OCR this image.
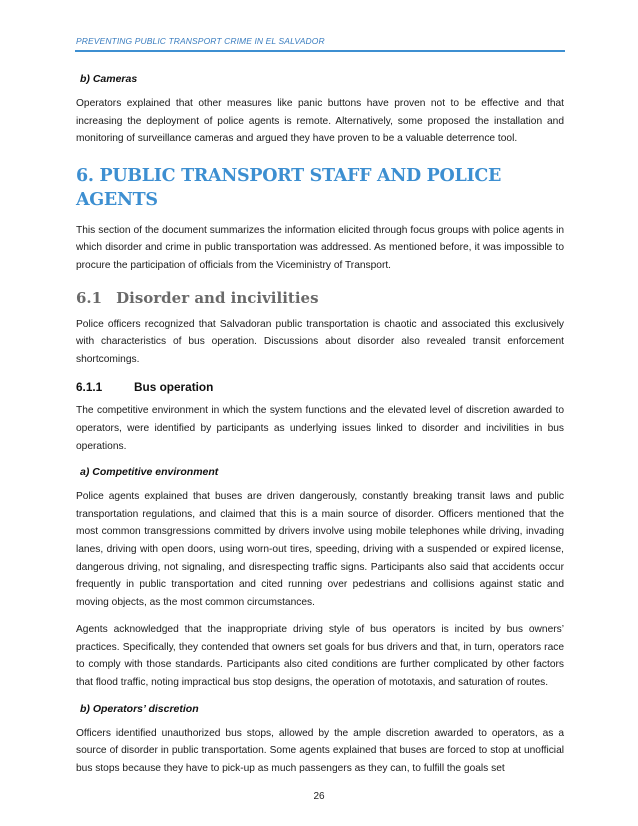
PREVENTING PUBLIC TRANSPORT CRIME IN EL SALVADOR
b) Cameras

Operators explained that other measures like panic buttons have proven not to be effective and that increasing the deployment of police agents is remote. Alternatively, some proposed the installation and monitoring of surveillance cameras and argued they have proven to be a valuable deterrence tool.

6. PUBLIC TRANSPORT STAFF AND POLICE AGENTS

This section of the document summarizes the information elicited through focus groups with police agents in which disorder and crime in public transportation was addressed. As mentioned before, it was impossible to procure the participation of officials from the Viceministry of Transport.

6.1 Disorder and incivilities

Police officers recognized that Salvadoran public transportation is chaotic and associated this exclusively with characteristics of bus operation. Discussions about disorder also revealed transit enforcement shortcomings.

6.1.1	Bus operation

The competitive environment in which the system functions and the elevated level of discretion awarded to operators, were identified by participants as underlying issues linked to disorder and incivilities in bus operations.

a) Competitive environment

Police agents explained that buses are driven dangerously, constantly breaking transit laws and public transportation regulations, and claimed that this is a main source of disorder. Officers mentioned that the most common transgressions committed by drivers involve using mobile telephones while driving, invading lanes, driving with open doors, using worn-out tires, speeding, driving with a suspended or expired license, dangerous driving, not signaling, and disrespecting traffic signs. Participants also said that accidents occur frequently in public transportation and cited running over pedestrians and collisions against static and moving objects, as the most common circumstances.

Agents acknowledged that the inappropriate driving style of bus operators is incited by bus owners’ practices. Specifically, they contended that owners set goals for bus drivers and that, in turn, operators race to comply with those standards. Participants also cited conditions are further complicated by other factors that flood traffic, noting impractical bus stop designs, the operation of mototaxis, and saturation of routes.

b) Operators’ discretion

Officers identified unauthorized bus stops, allowed by the ample discretion awarded to operators, as a source of disorder in public transportation. Some agents explained that buses are forced to stop at unofficial bus stops because they have to pick-up as much passengers as they can, to fulfill the goals set

26
